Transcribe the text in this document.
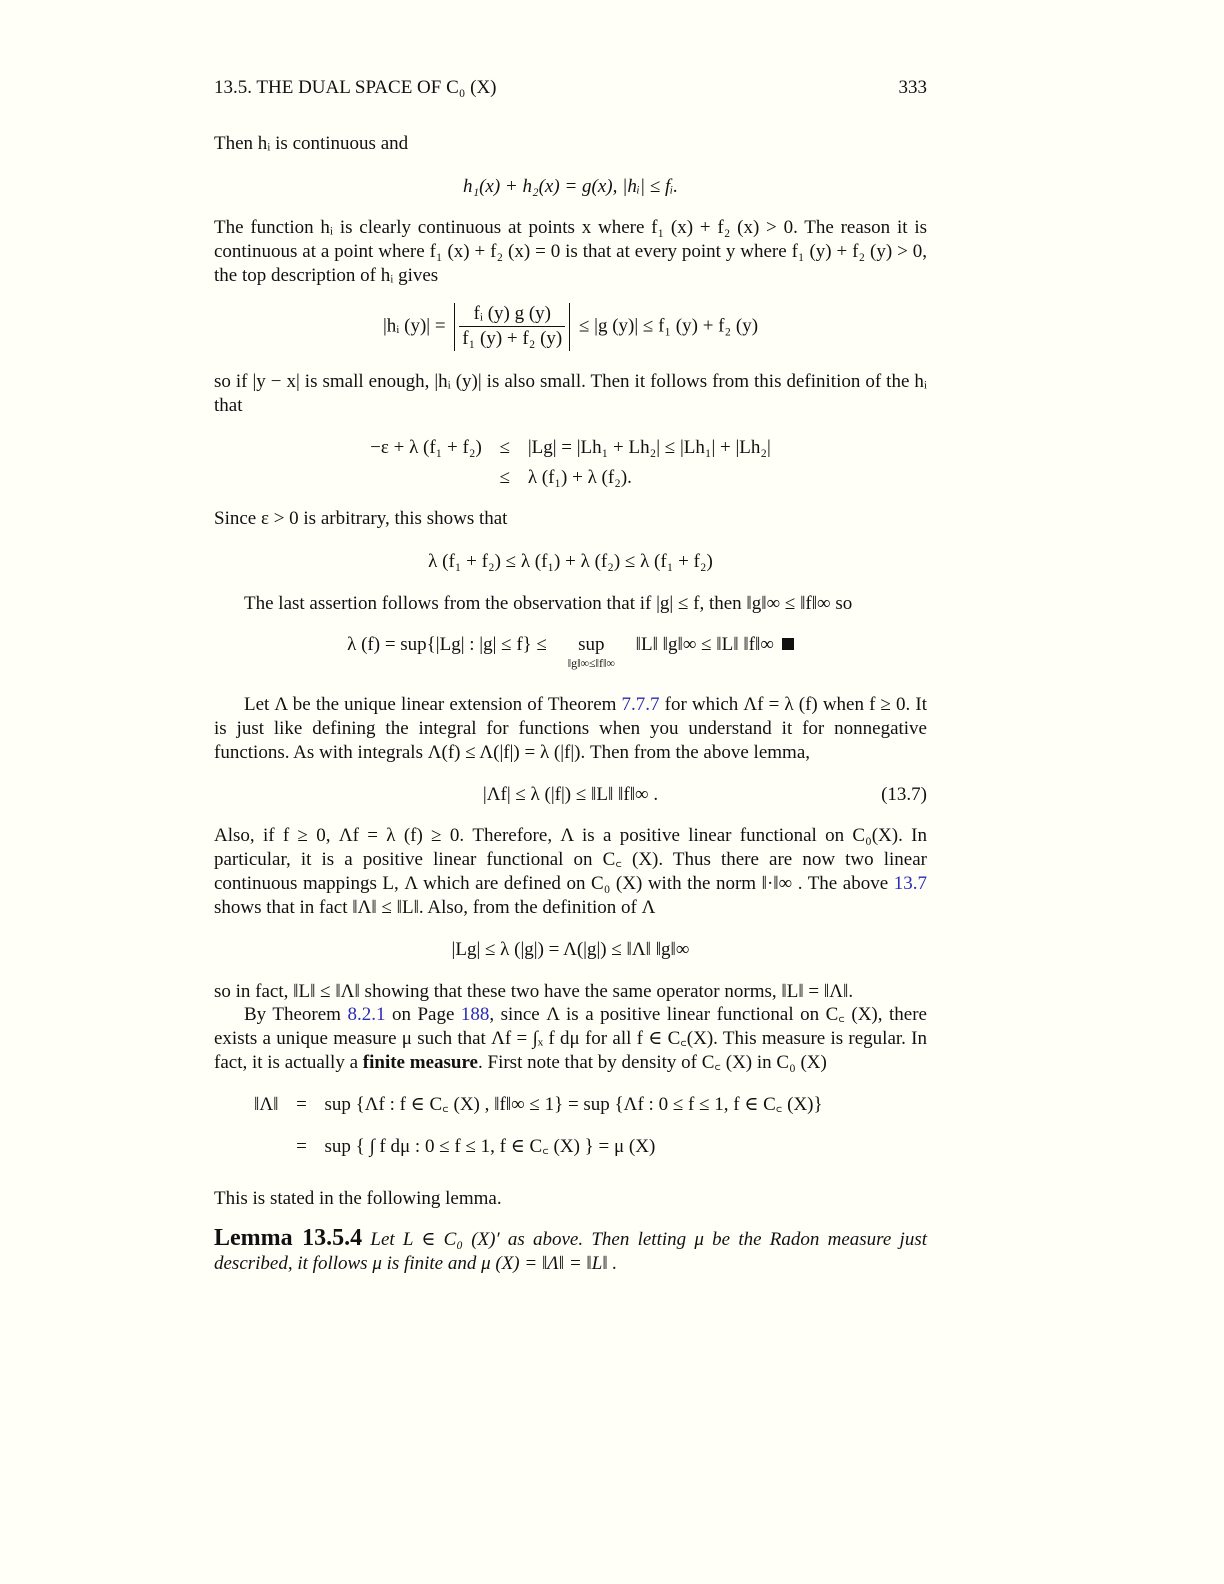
13.5. THE DUAL SPACE OF C₀ (X)	333
Then hᵢ is continuous and
h₁(x) + h₂(x) = g(x), |hᵢ| ≤ fᵢ.
The function hᵢ is clearly continuous at points x where f₁ (x) + f₂ (x) > 0. The reason it is continuous at a point where f₁ (x) + f₂ (x) = 0 is that at every point y where f₁ (y) + f₂ (y) > 0, the top description of hᵢ gives
|hᵢ $(y)| = \frac{\text{fᵢ (y) g (y)}}{\text{f₁ (y) + f₂ (y)}} \le |g$ (y)| ≤ f₁ (y) + f₂ (y)
so if |y − x| is small enough, |hᵢ (y)| is also small. Then it follows from this definition of the hᵢ that
−ε + λ (f₁ + f₂) ≤ |Lg| = |Lh₁ + Lh₂| ≤ |Lh₁| + |Lh₂|
≤ λ (f₁) + λ (f₂).
Since ε > 0 is arbitrary, this shows that
λ (f₁ + f₂) ≤ λ (f₁) + λ (f₂) ≤ λ (f₁ + f₂)
The last assertion follows from the observation that if |g| ≤ f, then ‖g‖∞ ≤ ‖f‖∞ so
λ (f) = sup{|Lg| : |g| ≤ f} ≤ sup
‖g‖∞≤‖f‖∞
‖L‖ ‖g‖∞ ≤ ‖L‖ ‖f‖∞
Let Λ be the unique linear extension of Theorem 7.7.7 for which Λf = λ (f) when f ≥ 0. It is just like defining the integral for functions when you understand it for nonnegative functions. As with integrals Λ(f) ≤ Λ(|f|) = λ (|f|). Then from the above lemma,
|Λf| ≤ λ (|f|) ≤ ‖L‖ ‖f‖∞ .	(13.7)
Also, if f ≥ 0, Λf = λ (f) ≥ 0. Therefore, Λ is a positive linear functional on C₀(X). In particular, it is a positive linear functional on C꜀ (X). Thus there are now two linear continuous mappings L, Λ which are defined on C₀ (X) with the norm ‖·‖∞ . The above 13.7 shows that in fact ‖Λ‖ ≤ ‖L‖. Also, from the definition of Λ
|Lg| ≤ λ (|g|) = Λ(|g|) ≤ ‖Λ‖ ‖g‖∞
so in fact, ‖L‖ ≤ ‖Λ‖ showing that these two have the same operator norms, ‖L‖ = ‖Λ‖.
By Theorem 8.2.1 on Page 188, since Λ is a positive linear functional on C꜀ (X), there exists a unique measure μ such that Λf = ∫ₓ f dμ for all f ∈ C꜀(X). This measure is regular. In fact, it is actually a finite measure. First note that by density of C꜀ (X) in C₀ (X)
‖Λ‖ = sup {Λf : f ∈ C꜀ (X) , ‖f‖∞ ≤ 1} = sup {Λf : 0 ≤ f ≤ 1, f ∈ C꜀ (X)}
= sup { ∫ f dμ : 0 ≤ f ≤ 1, f ∈ C꜀ (X) } = μ (X)
This is stated in the following lemma.
Lemma 13.5.4 Let L ∈ C₀ (X)′ as above. Then letting μ be the Radon measure just described, it follows μ is finite and μ (X) = ‖Λ‖ = ‖L‖ .
